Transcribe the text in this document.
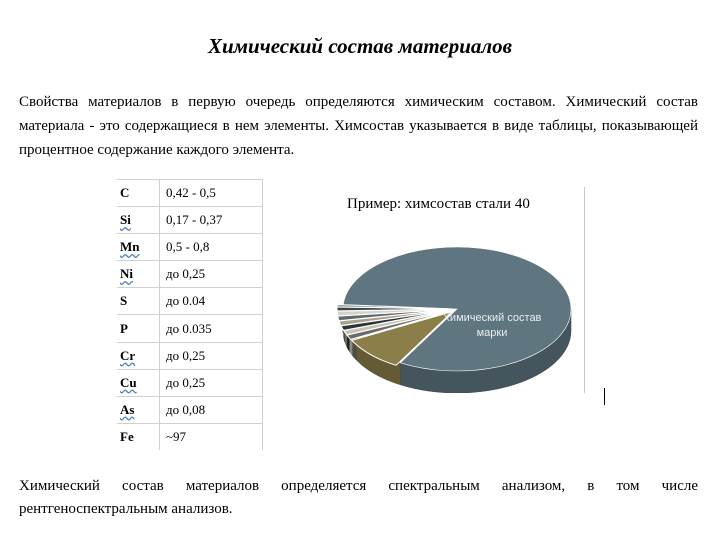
Химический состав материалов

Свойства материалов в первую очередь определяются химическим составом. Химический состав материала - это содержащиеся в нем элементы. Химсостав указывается в виде таблицы, показывающей процентное содержание каждого элемента.

C	0,42 - 0,5
Si	0,17 - 0,37
Mn	0,5 - 0,8
Ni	до 0,25
S	до 0.04
P	до 0.035
Cr	до 0,25
Cu	до 0,25
As	до 0,08
Fe	~97
Химический состав
марки
Пример: химсостав стали 40

Химический состав материалов определяется спектральным анализом, в том числе рентгеноспектральным анализов.
